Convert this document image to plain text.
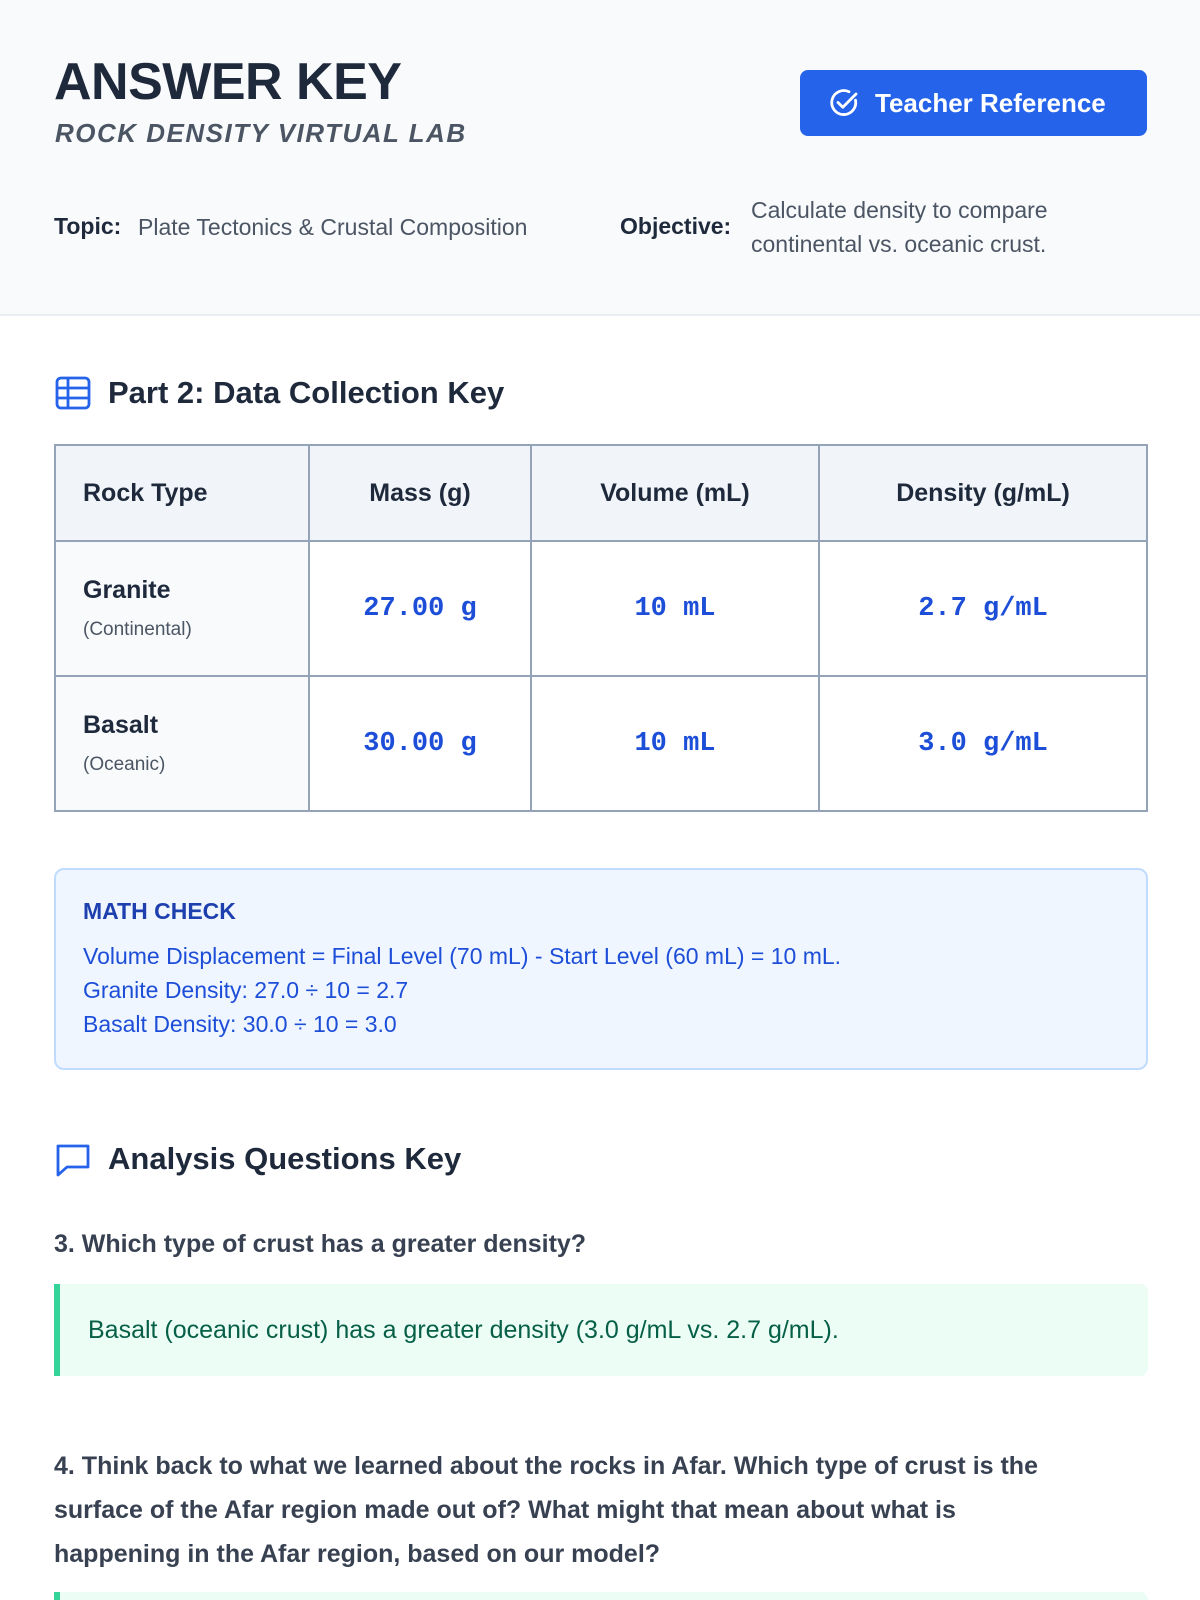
ANSWER KEY
ROCK DENSITY VIRTUAL LAB
Teacher Reference
Topic: Plate Tectonics & Crustal Composition	Objective:
Calculate density to compare
continental vs. oceanic crust.
Part 2: Data Collection Key
Rock Type	Mass (g)	Volume (mL)	Density (g/mL)

Granite
(Continental)	27.00 g	10 mL	2.7 g/mL

Basalt
(Oceanic)	30.00 g	10 mL	3.0 g/mL
MATH CHECK
Volume Displacement = Final Level (70 mL) - Start Level (60 mL) = 10 mL.
Granite Density: 27.0 ÷ 10 = 2.7
Basalt Density: 30.0 ÷ 10 = 3.0
Analysis Questions Key
3. Which type of crust has a greater density?
Basalt (oceanic crust) has a greater density (3.0 g/mL vs. 2.7 g/mL).
4. Think back to what we learned about the rocks in Afar. Which type of crust is the
surface of the Afar region made out of? What might that mean about what is
happening in the Afar region, based on our model?
